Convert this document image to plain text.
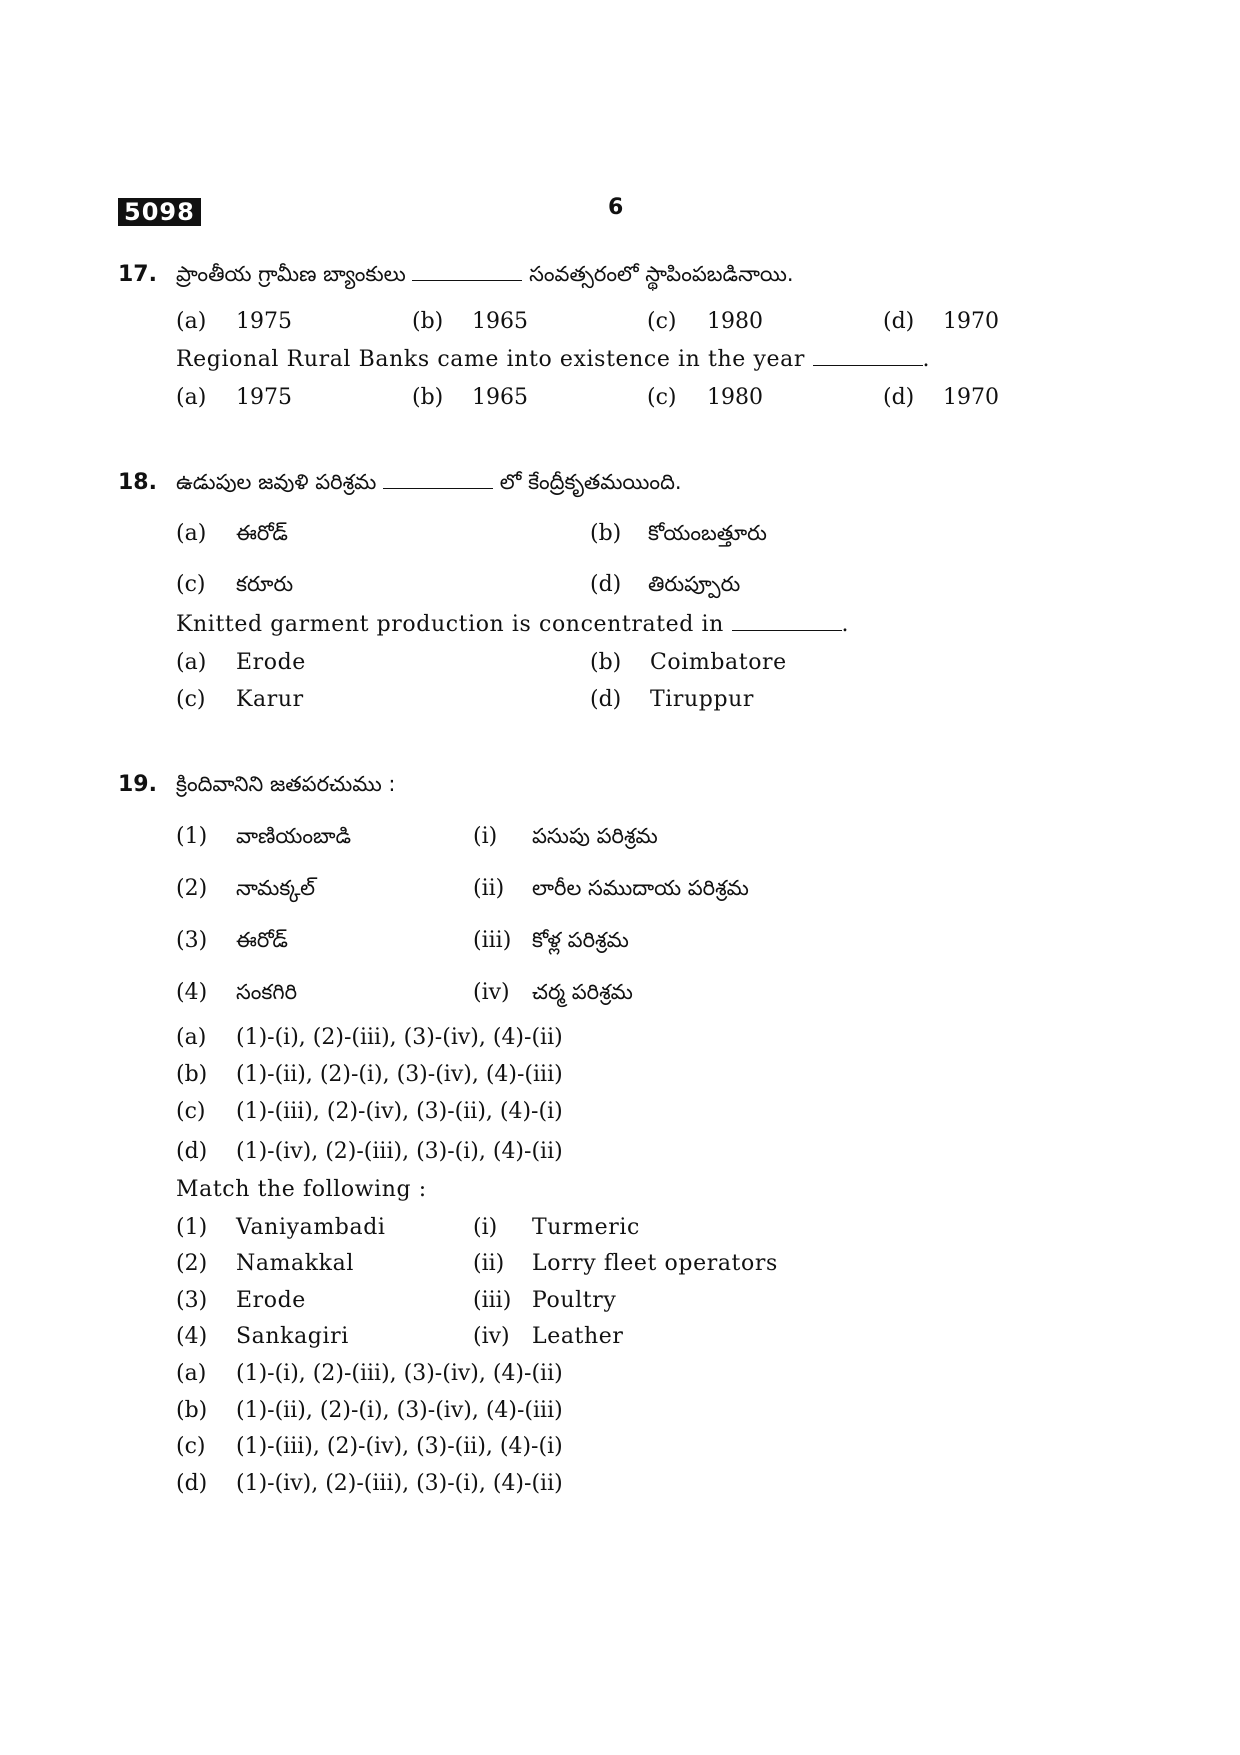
5098	6
17. ప్రాంతీయ గ్రామీణ బ్యాంకులు	సంవత్సరంలో స్థాపింపబడినాయి.
(a) 1975	(b) 1965	(c) 1980	(d) 1970
Regional Rural Banks came into existence in the year	.
(a) 1975	(b) 1965	(c) 1980	(d) 1970
18. ఉడుపుల జవుళి పరిశ్రమ	లో కేంద్రీకృతమయింది.
(a) ఈరోడ్	(b) కోయంబత్తూరు
(c) కరూరు	(d) తిరుప్పూరు
Knitted garment production is concentrated in	.
(a) Erode	(b) Coimbatore
(c) Karur	(d) Tiruppur
19. క్రిందివానిని జతపరచుము :
(1) వాణియంబాడి	(i) పసుపు పరిశ్రమ
(2) నామక్కల్	(ii) లారీల సముదాయ పరిశ్రమ
(3) ఈరోడ్	(iii) కోళ్ల పరిశ్రమ
(4) సంకగిరి	(iv) చర్మ పరిశ్రమ
(a) (1)-(i), (2)-(iii), (3)-(iv), (4)-(ii)
(b) (1)-(ii), (2)-(i), (3)-(iv), (4)-(iii)
(c) (1)-(iii), (2)-(iv), (3)-(ii), (4)-(i)
(d) (1)-(iv), (2)-(iii), (3)-(i), (4)-(ii)
Match the following :
(1) Vaniyambadi	(i) Turmeric
(2) Namakkal	(ii) Lorry fleet operators
(3) Erode	(iii) Poultry
(4) Sankagiri	(iv) Leather
(a) (1)-(i), (2)-(iii), (3)-(iv), (4)-(ii)
(b) (1)-(ii), (2)-(i), (3)-(iv), (4)-(iii)
(c) (1)-(iii), (2)-(iv), (3)-(ii), (4)-(i)
(d) (1)-(iv), (2)-(iii), (3)-(i), (4)-(ii)
